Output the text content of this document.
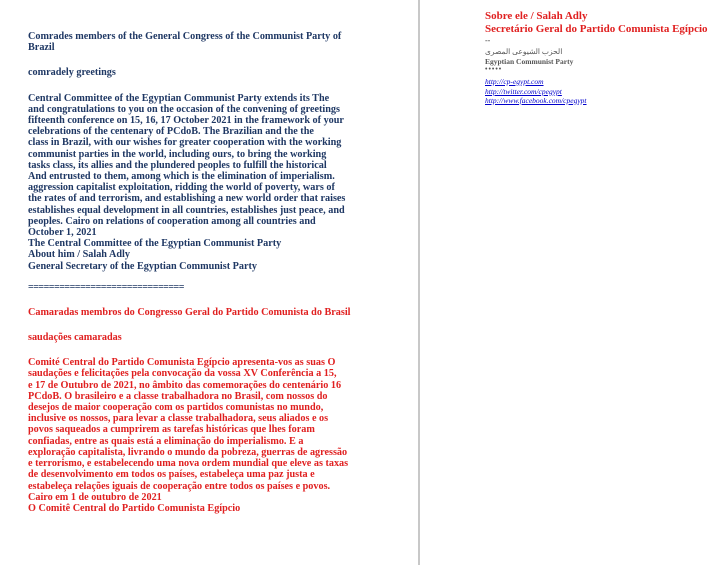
Comrades members of the General Congress of the Communist Party of Brazil

comradely greetings

Central Committee of the Egyptian Communist Party extends its The

and congratulations to you on the occasion of the convening of greetings

fifteenth conference on 15, 16, 17 October 2021 in the framework of your

celebrations of the centenary of PCdoB. The Brazilian and the the

class in Brazil, with our wishes for greater cooperation with the working

communist parties in the world, including ours, to bring the working

tasks class, its allies and the plundered peoples to fulfill the historical

And entrusted to them, among which is the elimination of imperialism.

aggression capitalist exploitation, ridding the world of poverty, wars of

the rates of and terrorism, and establishing a new world order that raises

establishes equal development in all countries, establishes just peace, and

peoples. Cairo on relations of cooperation among all countries and

October 1, 2021

The Central Committee of the Egyptian Communist Party

About him / Salah Adly

General Secretary of the Egyptian Communist Party

==============================

Camaradas membros do Congresso Geral do Partido Comunista do Brasil

saudações camaradas

Comité Central do Partido Comunista Egípcio apresenta-vos as suas O

saudações e felicitações pela convocação da vossa XV Conferência a 15,

e 17 de Outubro de 2021, no âmbito das comemorações do centenário 16

PCdoB. O brasileiro e a classe trabalhadora no Brasil, com nossos do

desejos de maior cooperação com os partidos comunistas no mundo,

inclusive os nossos, para levar a classe trabalhadora, seus aliados e os

povos saqueados a cumprirem as tarefas históricas que lhes foram

confiadas, entre as quais está a eliminação do imperialismo. E a

exploração capitalista, livrando o mundo da pobreza, guerras de agressão

e terrorismo, e estabelecendo uma nova ordem mundial que eleve as taxas

de desenvolvimento em todos os países, estabeleça uma paz justa e

estabeleça relações iguais de cooperação entre todos os países e povos.

Cairo em 1 de outubro de 2021

O Comitê Central do Partido Comunista Egípcio

Sobre ele / Salah Adly
Secretário Geral do Partido Comunista Egípcio
--
الحزب الشيوعى المصرى
Egyptian Communist Party
•••••
http://cp-egypt.com
http://twitter.com/cpegypt
http://www.facebook.com/cpegypt
